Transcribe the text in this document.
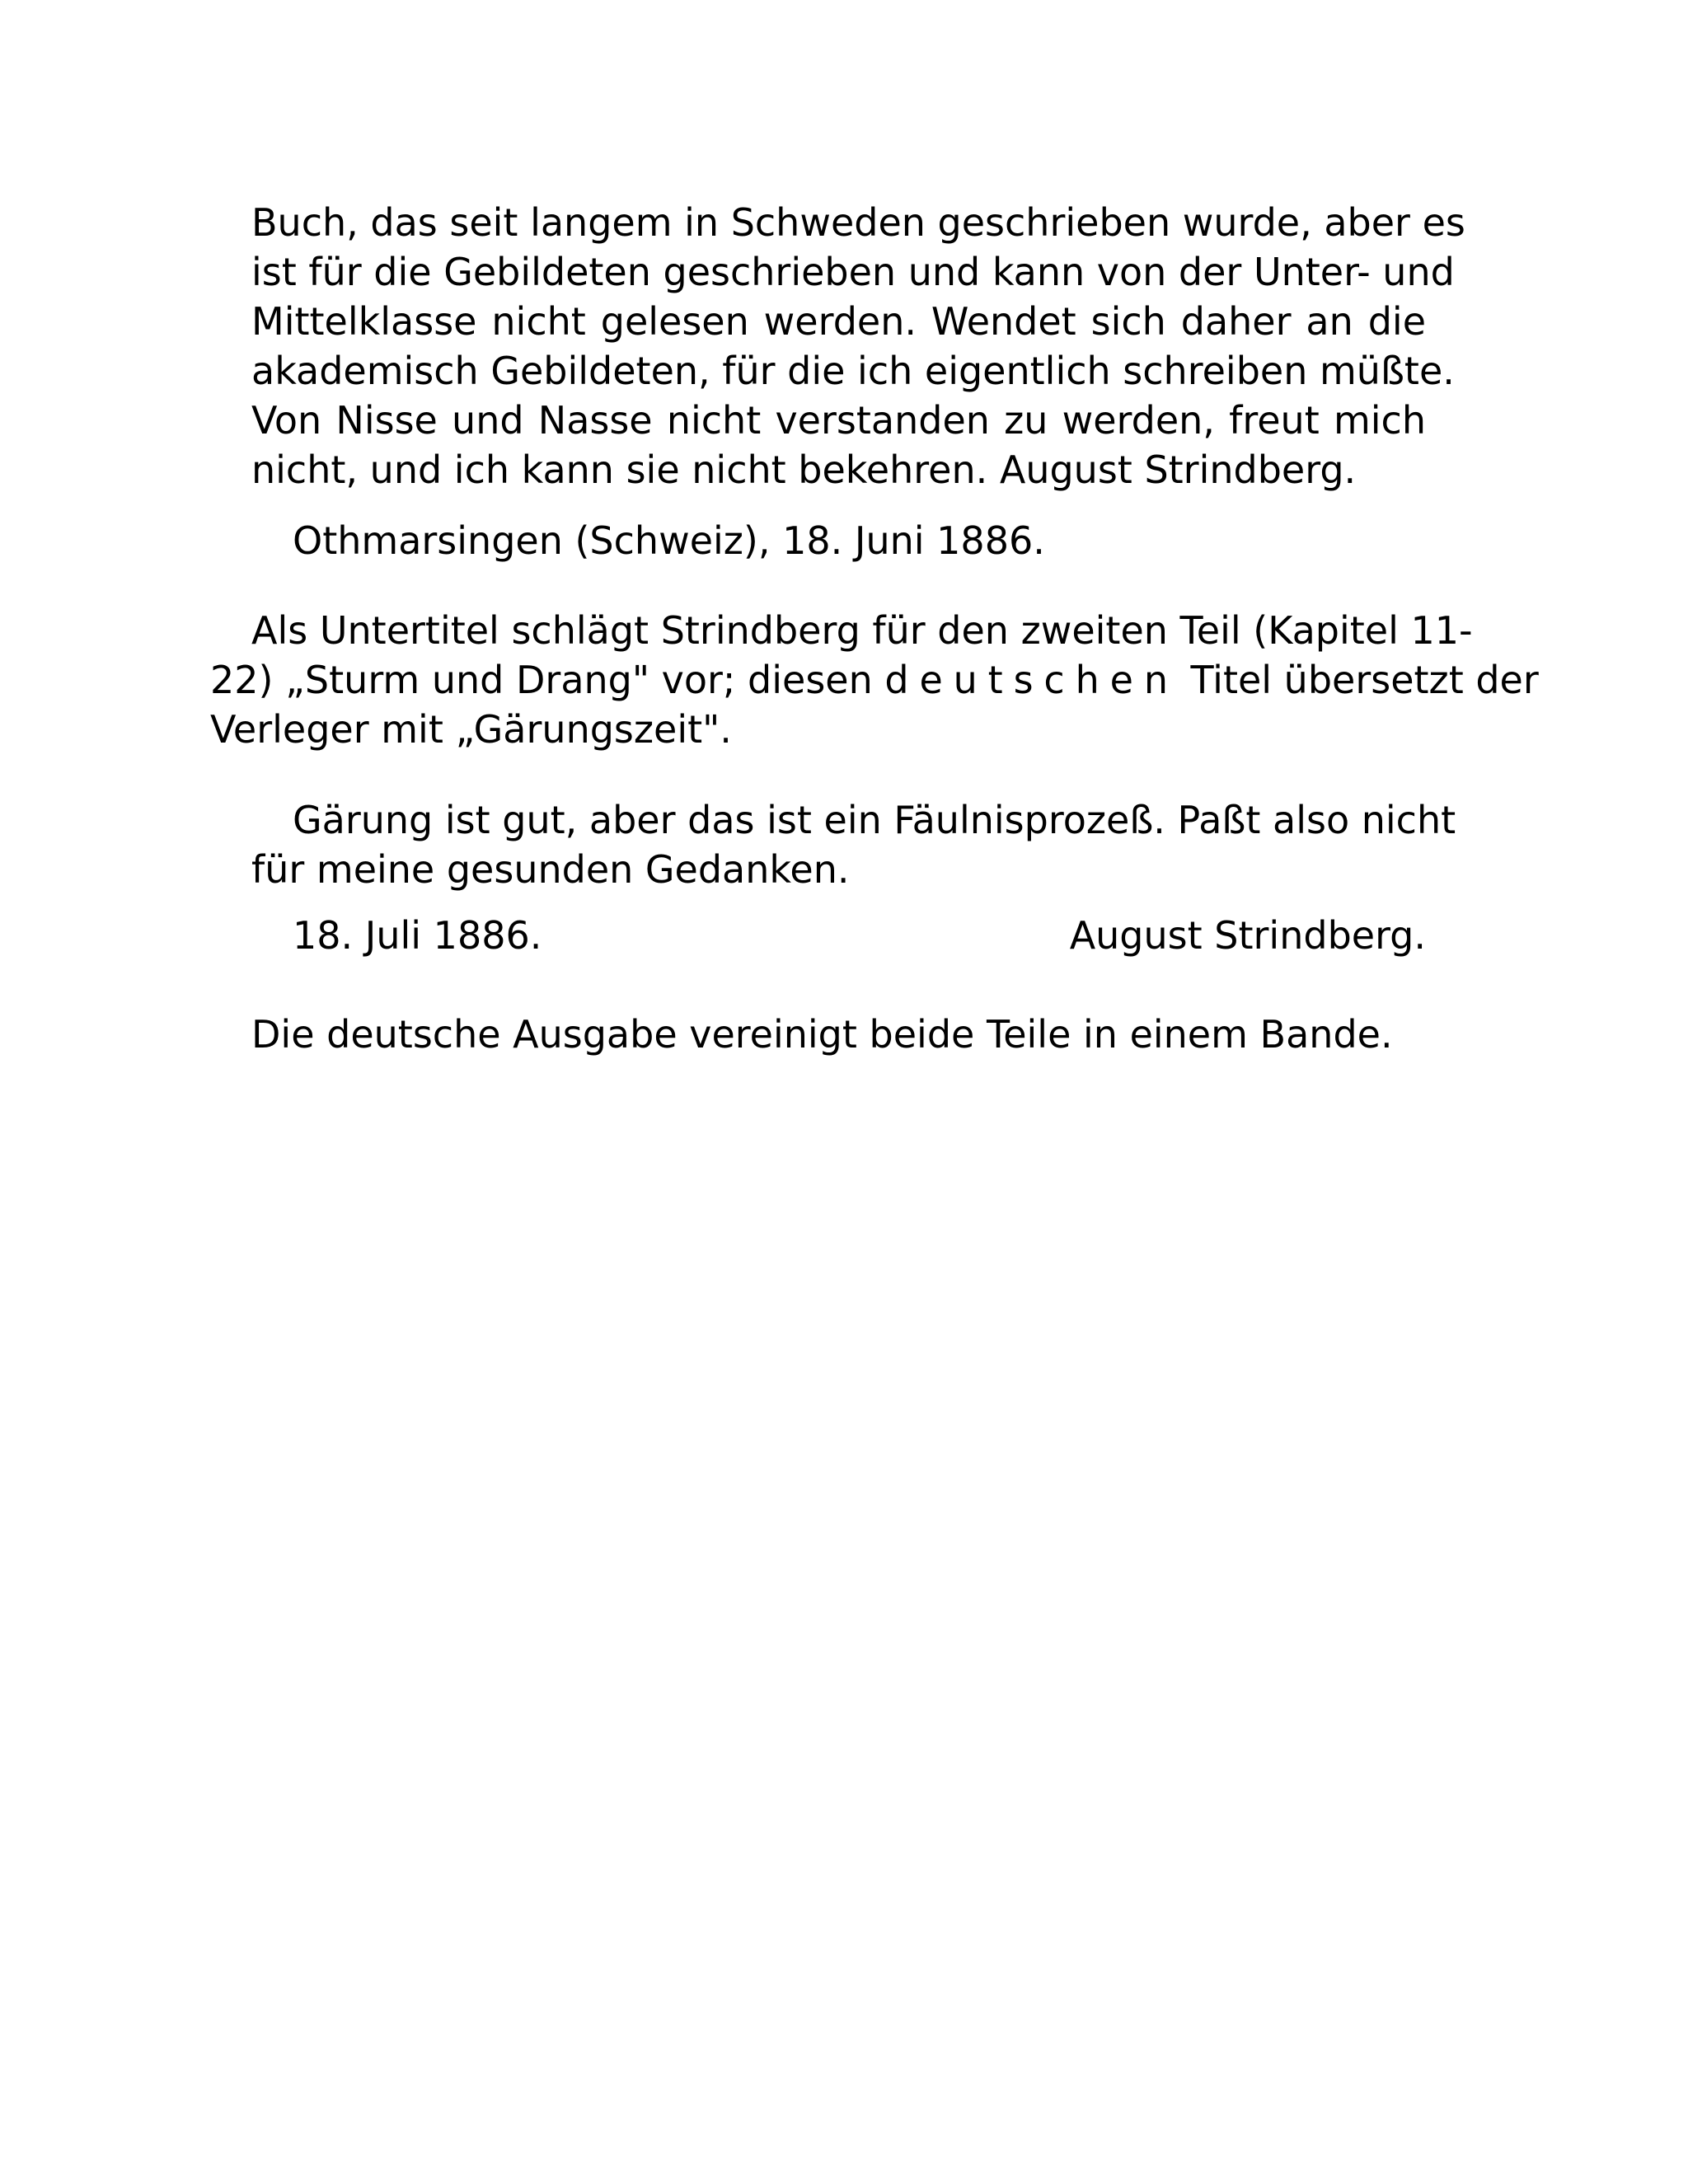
Buch, das seit langem in Schweden geschrieben wurde, aber es
ist für die Gebildeten geschrieben und kann von der Unter- und
Mittelklasse nicht gelesen werden. Wendet sich daher an die
akademisch Gebildeten, für die ich eigentlich schreiben müßte.
Von Nisse und Nasse nicht verstanden zu werden, freut mich
nicht, und ich kann sie nicht bekehren. August Strindberg.
Othmarsingen (Schweiz), 18. Juni 1886.
Als Untertitel schlägt Strindberg für den zweiten Teil (Kapitel 11-
22) „Sturm und Drang" vor; diesen deutschen Titel übersetzt der
Verleger mit „Gärungszeit".
Gärung ist gut, aber das ist ein Fäulnisprozeß. Paßt also nicht
für meine gesunden Gedanken.
18. Juli 1886.	August Strindberg.
Die deutsche Ausgabe vereinigt beide Teile in einem Bande.
